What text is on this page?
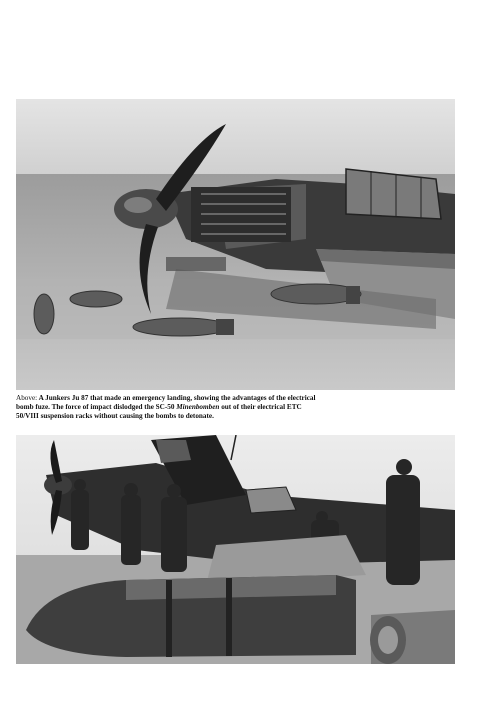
Above: A Junkers Ju 87 that made an emergency landing, showing the advantages of the electrical bomb fuze. The force of impact dislodged the SC-50 Minenbomben out of their electrical ETC 50/VIII suspension racks without causing the bombs to detonate.
